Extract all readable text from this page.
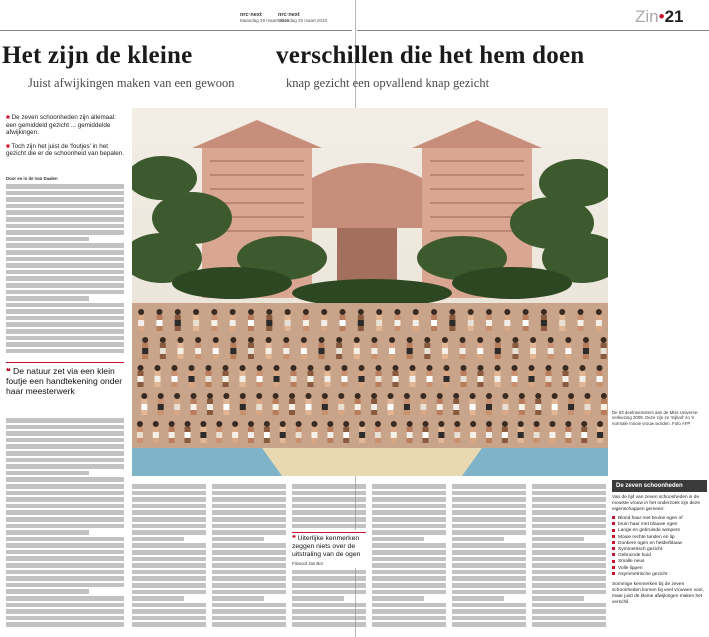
nrc·next
Maandag 29 maart 2010
nrc·next
Maandag 29 maart 2010	Zin•21
Het zijn de kleine	verschillen die het hem doen
Juist afwijkingen maken van een gewoon	knap gezicht een opvallend knap gezicht
■ De zeven schoonheden zijn allemaal: een gemiddeld gezicht ... gemiddelde afwijkingen.
■ Toch zijn het juist de 'foutjes' in het gezicht die er de schoonheid van bepalen.
Door en in de Van Daalen
❝ De natuur zet via een klein foutje een handtekening onder haar meesterwerk
De 83 deelneemsters aan de Miss Universe-verkiezing 2009. Deze zijn ze 'stijlvol' zo 'n normale mooie vrouw worden. Foto AFP
❝ Uiterlijke kenmerken zeggen niets over de uitstraling van de ogen
Filosoof Jan Bor
De zeven schoonheden
Van de tijd van zeven schoonheden is de mooiste vrouw in het onderzoek zijn deze eigenschappen gemeen:
Blond haar met bruine ogen of
bruin haar met blauwe ogen
Lange en gebruinde wimpers
Mooie rechte tanden en lip
Donkere ogen en helderblauw
Symmetrisch gezicht
Gebruinde huid
Smalle neus
Volle lippen
Asymmetrische gezicht
Sommige kenmerken bij de zeven schoonheden komen bij veel vrouwen voor, maar juist de kleine afwijkingen maken het verschil.
